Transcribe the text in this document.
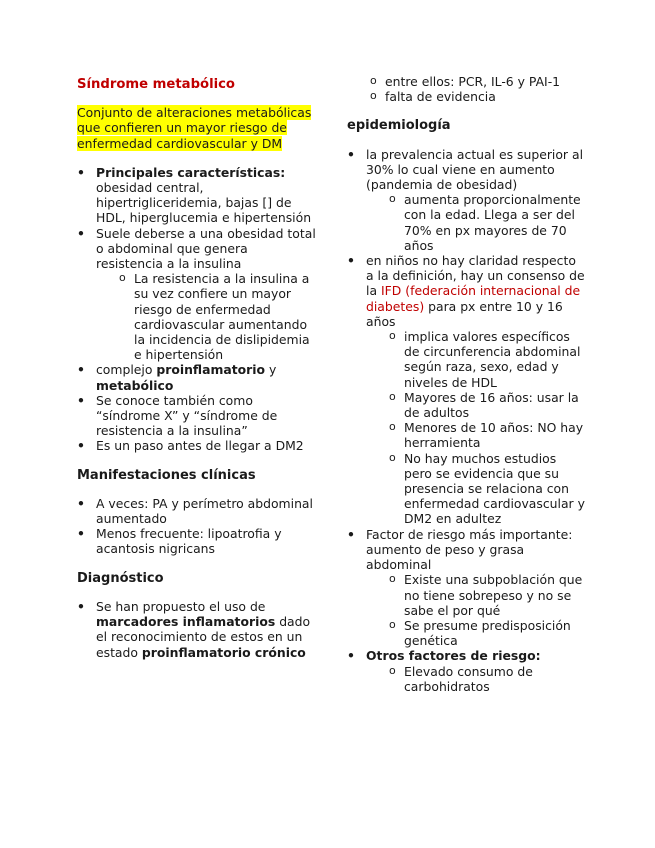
Síndrome metabólico
Conjunto de alteraciones metabólicas que confieren un mayor riesgo de enfermedad cardiovascular y DM
• Principales características: obesidad central, hipertrigliceridemia, bajas [] de HDL, hiperglucemia e hipertensión
• Suele deberse a una obesidad total o abdominal que genera resistencia a la insulina
o La resistencia a la insulina a su vez confiere un mayor riesgo de enfermedad cardiovascular aumentando la incidencia de dislipidemia e hipertensión
• complejo proinflamatorio y metabólico
• Se conoce también como “síndrome X” y “síndrome de resistencia a la insulina”
• Es un paso antes de llegar a DM2
Manifestaciones clínicas
• A veces: PA y perímetro abdominal aumentado
• Menos frecuente: lipoatrofia y acantosis nigricans
Diagnóstico
• Se han propuesto el uso de marcadores inflamatorios dado el reconocimiento de estos en un estado proinflamatorio crónico
o entre ellos: PCR, IL-6 y PAI-1
o falta de evidencia
epidemiología
• la prevalencia actual es superior al 30% lo cual viene en aumento (pandemia de obesidad)
o aumenta proporcionalmente con la edad. Llega a ser del 70% en px mayores de 70 años
• en niños no hay claridad respecto a la definición, hay un consenso de la IFD (federación internacional de diabetes) para px entre 10 y 16 años
o implica valores específicos de circunferencia abdominal según raza, sexo, edad y niveles de HDL
o Mayores de 16 años: usar la de adultos
o Menores de 10 años: NO hay herramienta
o No hay muchos estudios pero se evidencia que su presencia se relaciona con enfermedad cardiovascular y DM2 en adultez
• Factor de riesgo más importante: aumento de peso y grasa abdominal
o Existe una subpoblación que no tiene sobrepeso y no se sabe el por qué
o Se presume predisposición genética
• Otros factores de riesgo:
o Elevado consumo de carbohidratos
